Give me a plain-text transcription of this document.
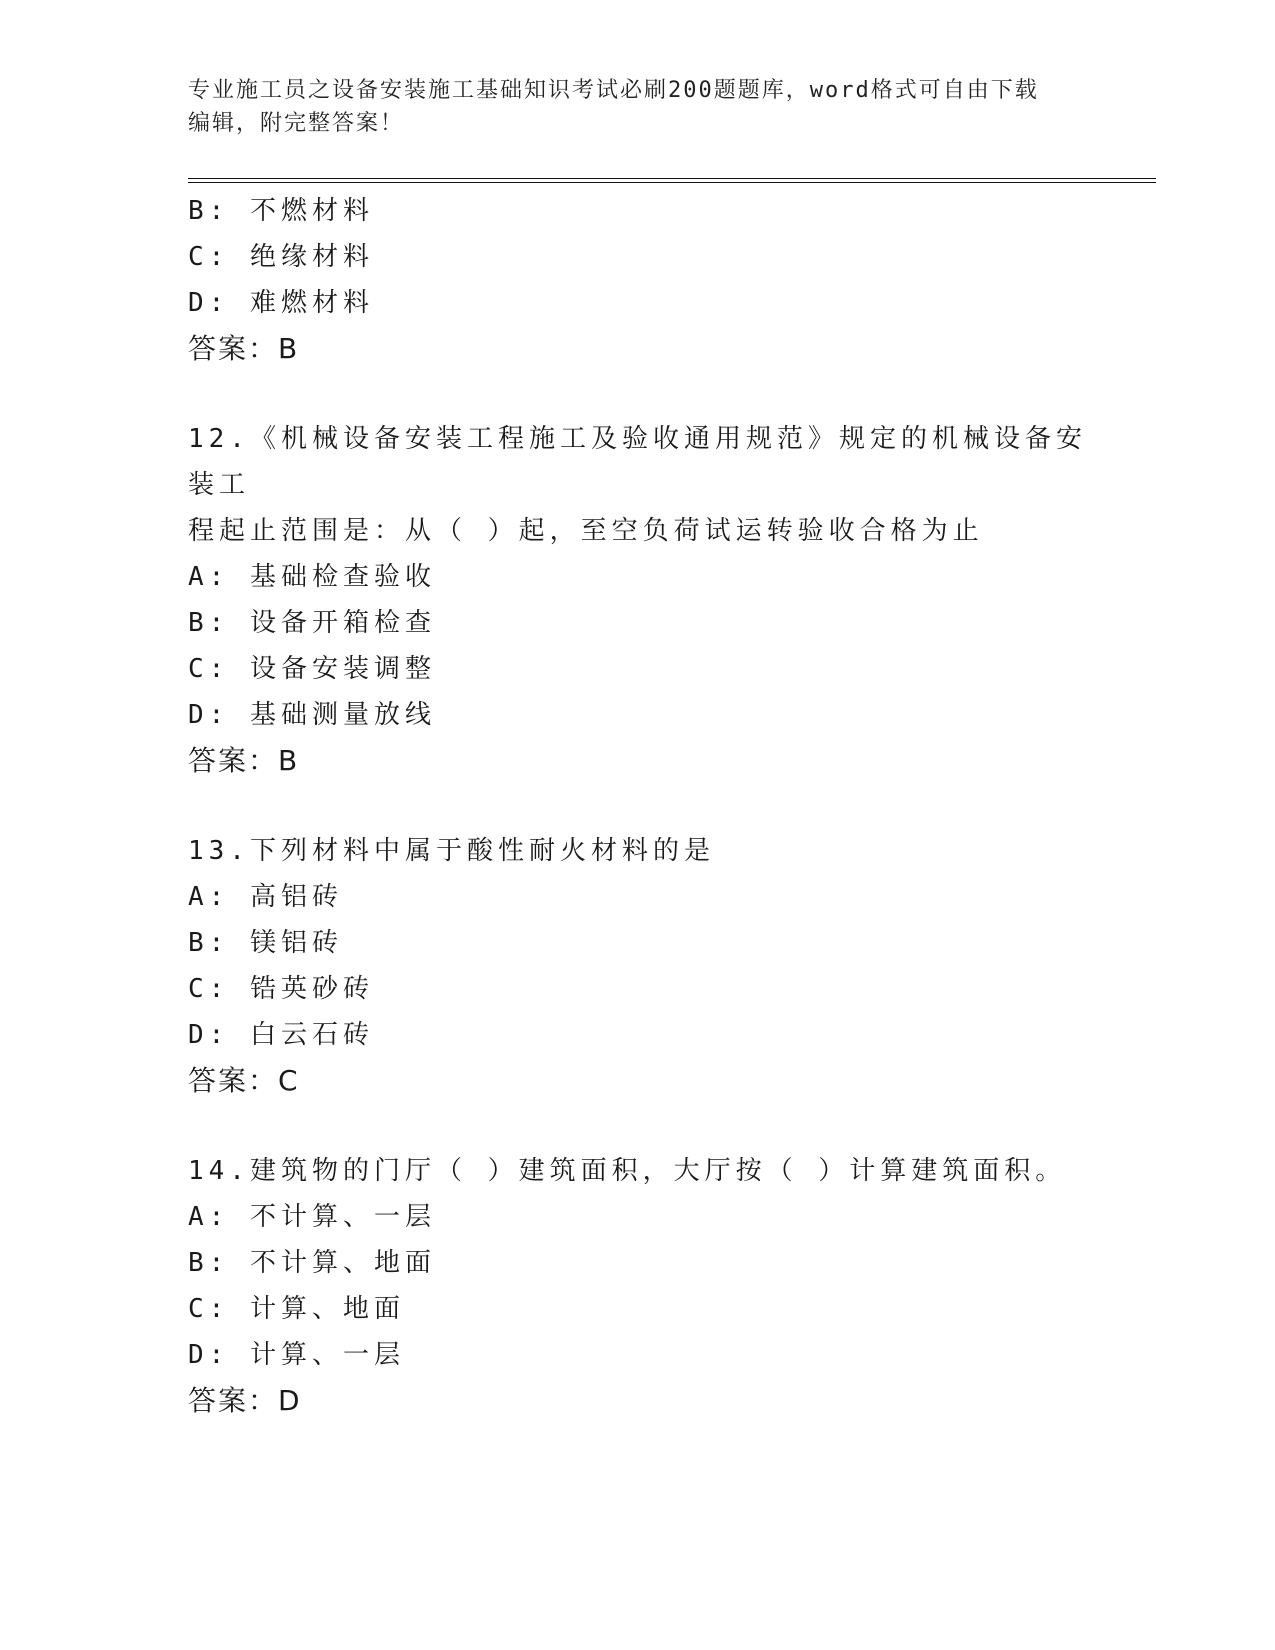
专业施工员之设备安装施工基础知识考试必刷200题题库，word格式可自由下载
编辑，附完整答案！
B: 不燃材料
C: 绝缘材料
D: 难燃材料
答案：B
12.《机械设备安装工程施工及验收通用规范》规定的机械设备安装工
程起止范围是：从（ ）起，至空负荷试运转验收合格为止
A: 基础检查验收
B: 设备开箱检查
C: 设备安装调整
D: 基础测量放线
答案：B
13.下列材料中属于酸性耐火材料的是
A: 高铝砖
B: 镁铝砖
C: 锆英砂砖
D: 白云石砖
答案：C
14.建筑物的门厅（ ）建筑面积，大厅按（ ）计算建筑面积。
A: 不计算、一层
B: 不计算、地面
C: 计算、地面
D: 计算、一层
答案：D
